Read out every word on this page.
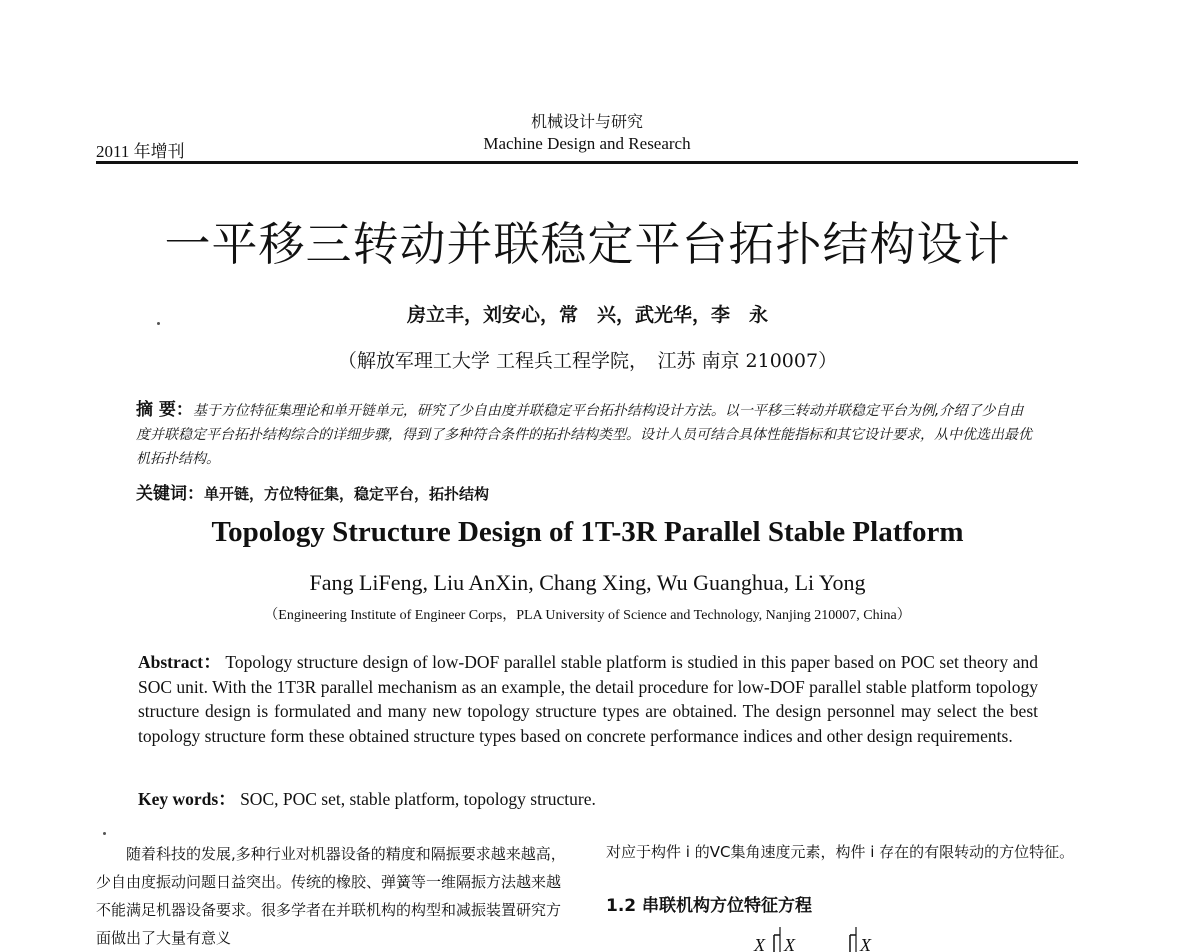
2011 年增刊
机械设计与研究
Machine Design and Research
一平移三转动并联稳定平台拓扑结构设计
房立丰，刘安心，常　兴，武光华，李　永
（解放军理工大学 工程兵工程学院，　江苏 南京 210007）
摘 要：基于方位特征集理论和单开链单元，研究了少自由度并联稳定平台拓扑结构设计方法。以一平移三转动并联稳定平台为例,介绍了少自由度并联稳定平台拓扑结构综合的详细步骤，得到了多种符合条件的拓扑结构类型。设计人员可结合具体性能指标和其它设计要求，从中优选出最优机拓扑结构。
关键词：单开链，方位特征集，稳定平台，拓扑结构
Topology Structure Design of 1T-3R Parallel Stable Platform
Fang LiFeng, Liu AnXin, Chang Xing, Wu Guanghua, Li Yong
（Engineering Institute of Engineer Corps，PLA University of Science and Technology, Nanjing 210007, China）
Abstract： Topology structure design of low-DOF parallel stable platform is studied in this paper based on POC set theory and SOC unit. With the 1T3R parallel mechanism as an example, the detail procedure for low-DOF parallel stable platform topology structure design is formulated and many new topology structure types are obtained. The design personnel may select the best topology structure form these obtained structure types based on concrete performance indices and other design requirements.
Key words： SOC, POC set, stable platform, topology structure.

随着科技的发展,多种行业对机器设备的精度和隔振要求越来越高，少自由度振动问题日益突出。传统的橡胶、弹簧等一维隔振方法越来越不能满足机器设备要求。很多学者在并联机构的构型和减振装置研究方面做出了大量有意义

对应于构件 i 的VC集角速度元素，构件 i 存在的有限转动的方位特征。

1.2 串联机构方位特征方程
X X	X
